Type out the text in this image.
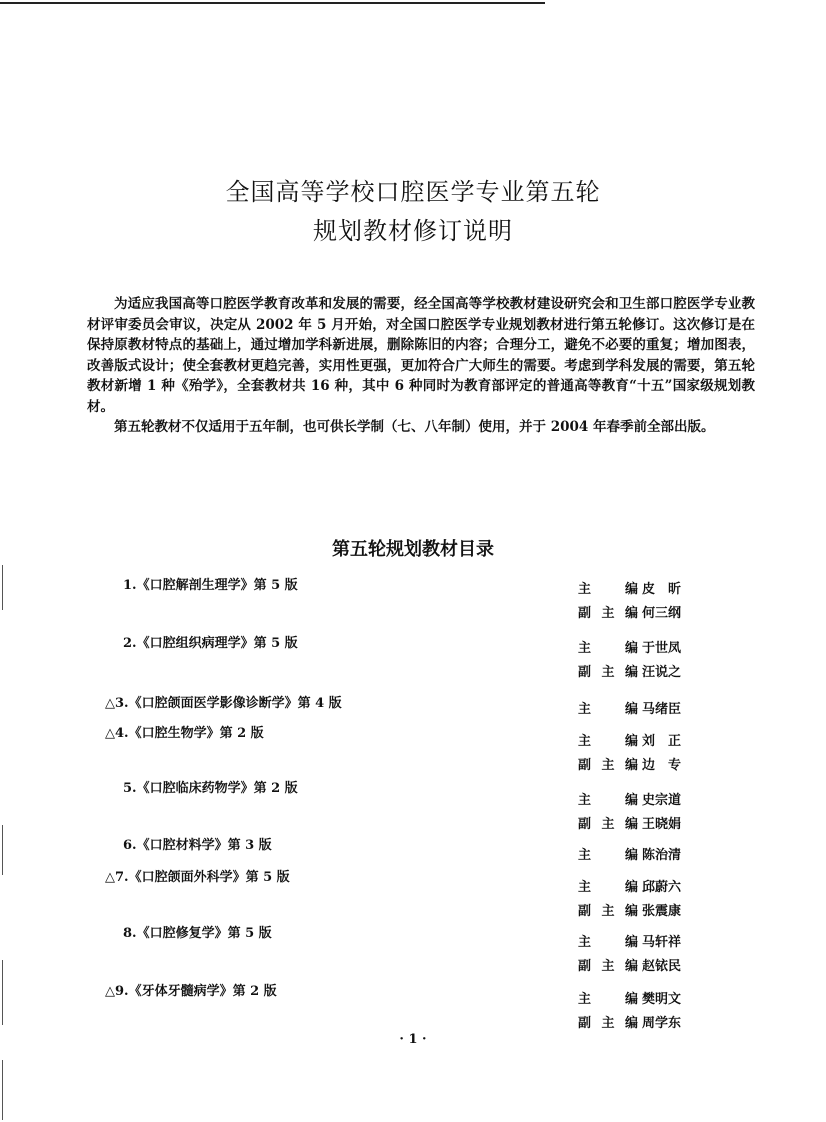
全国高等学校口腔医学专业第五轮
规划教材修订说明

为适应我国高等口腔医学教育改革和发展的需要，经全国高等学校教材建设研究会和卫生部口腔医学专业教材评审委员会审议，决定从 2002 年 5 月开始，对全国口腔医学专业规划教材进行第五轮修订。这次修订是在保持原教材特点的基础上，通过增加学科新进展，删除陈旧的内容；合理分工，避免不必要的重复；增加图表，改善版式设计；使全套教材更趋完善，实用性更强，更加符合广大师生的需要。考虑到学科发展的需要，第五轮教材新增 1 种《殆学》，全套教材共 16 种，其中 6 种同时为教育部评定的普通高等教育“十五”国家级规划教材。

第五轮教材不仅适用于五年制，也可供长学制（七、八年制）使用，并于 2004 年春季前全部出版。

第五轮规划教材目录
1.《口腔解剖生理学》第 5 版	主编 皮　昕
副主编 何三纲
2.《口腔组织病理学》第 5 版	主编 于世凤
副主编 汪说之
△3.《口腔颌面医学影像诊断学》第 4 版	主编 马绪臣
△4.《口腔生物学》第 2 版
主编 刘　正
副主编 边　专
5.《口腔临床药物学》第 2 版
主编 史宗道
副主编 王晓娟
6.《口腔材料学》第 3 版
主编 陈治清
△7.《口腔颌面外科学》第 5 版
主编 邱蔚六
副主编 张震康
8.《口腔修复学》第 5 版
主编 马轩祥
副主编 赵铱民
△9.《牙体牙髓病学》第 2 版
主编 樊明文
副主编 周学东
· 1 ·
